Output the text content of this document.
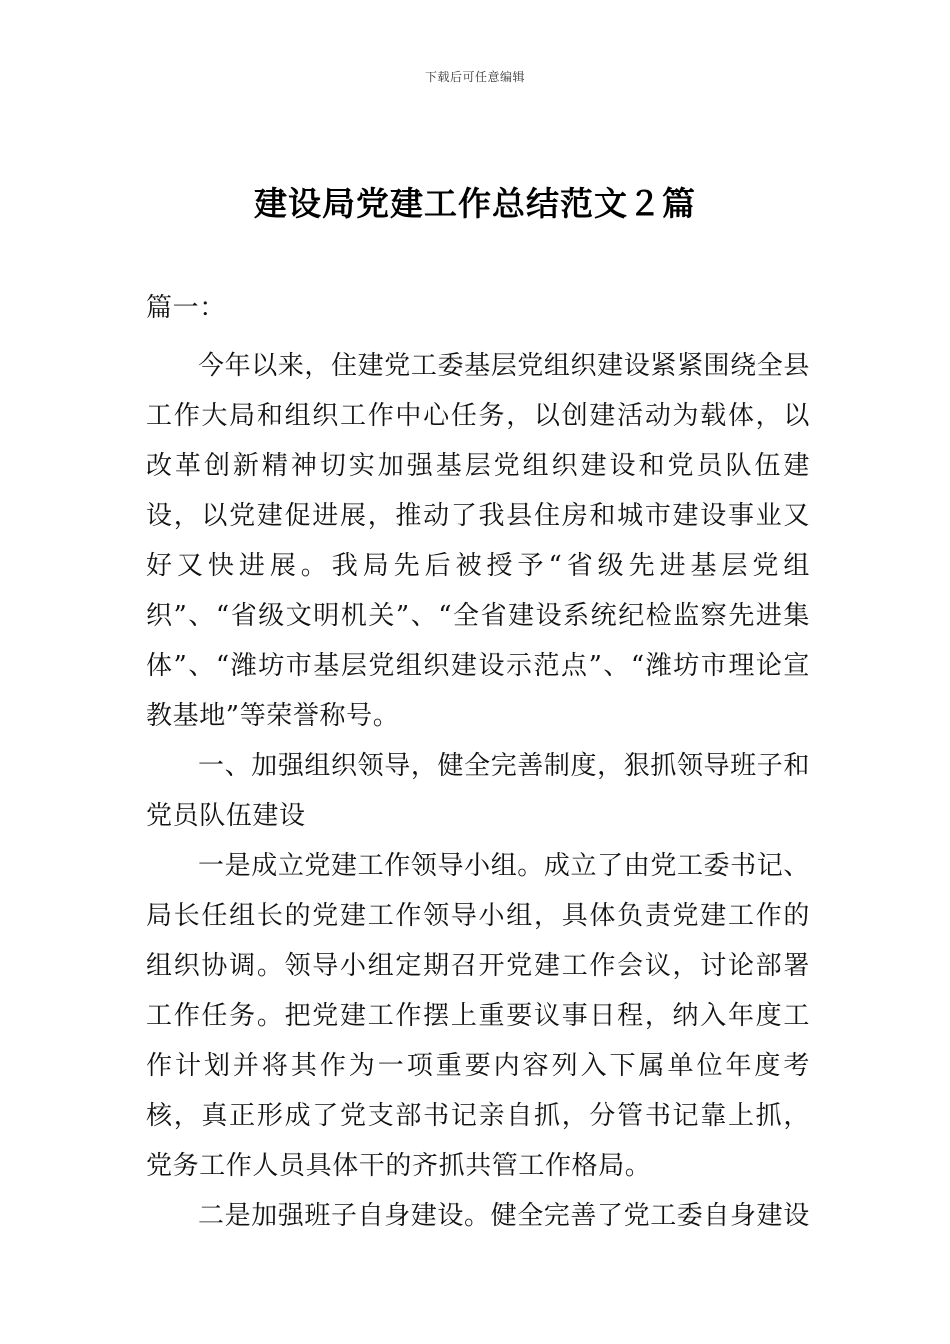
下载后可任意编辑
建设局党建工作总结范文２篇

篇一：

今年以来，住建党工委基层党组织建设紧紧围绕全县工作大局和组织工作中心任务，以创建活动为载体，以改革创新精神切实加强基层党组织建设和党员队伍建设，以党建促进展，推动了我县住房和城市建设事业又好又快进展。我局先后被授予“省级先进基层党组织”、“省级文明机关”、“全省建设系统纪检监察先进集体”、“潍坊市基层党组织建设示范点”、“潍坊市理论宣教基地”等荣誉称号。

一、加强组织领导，健全完善制度，狠抓领导班子和党员队伍建设

一是成立党建工作领导小组。成立了由党工委书记、局长任组长的党建工作领导小组，具体负责党建工作的组织协调。领导小组定期召开党建工作会议，讨论部署工作任务。把党建工作摆上重要议事日程，纳入年度工作计划并将其作为一项重要内容列入下属单位年度考核，真正形成了党支部书记亲自抓，分管书记靠上抓，党务工作人员具体干的齐抓共管工作格局。

二是加强班子自身建设。健全完善了党工委自身建设
